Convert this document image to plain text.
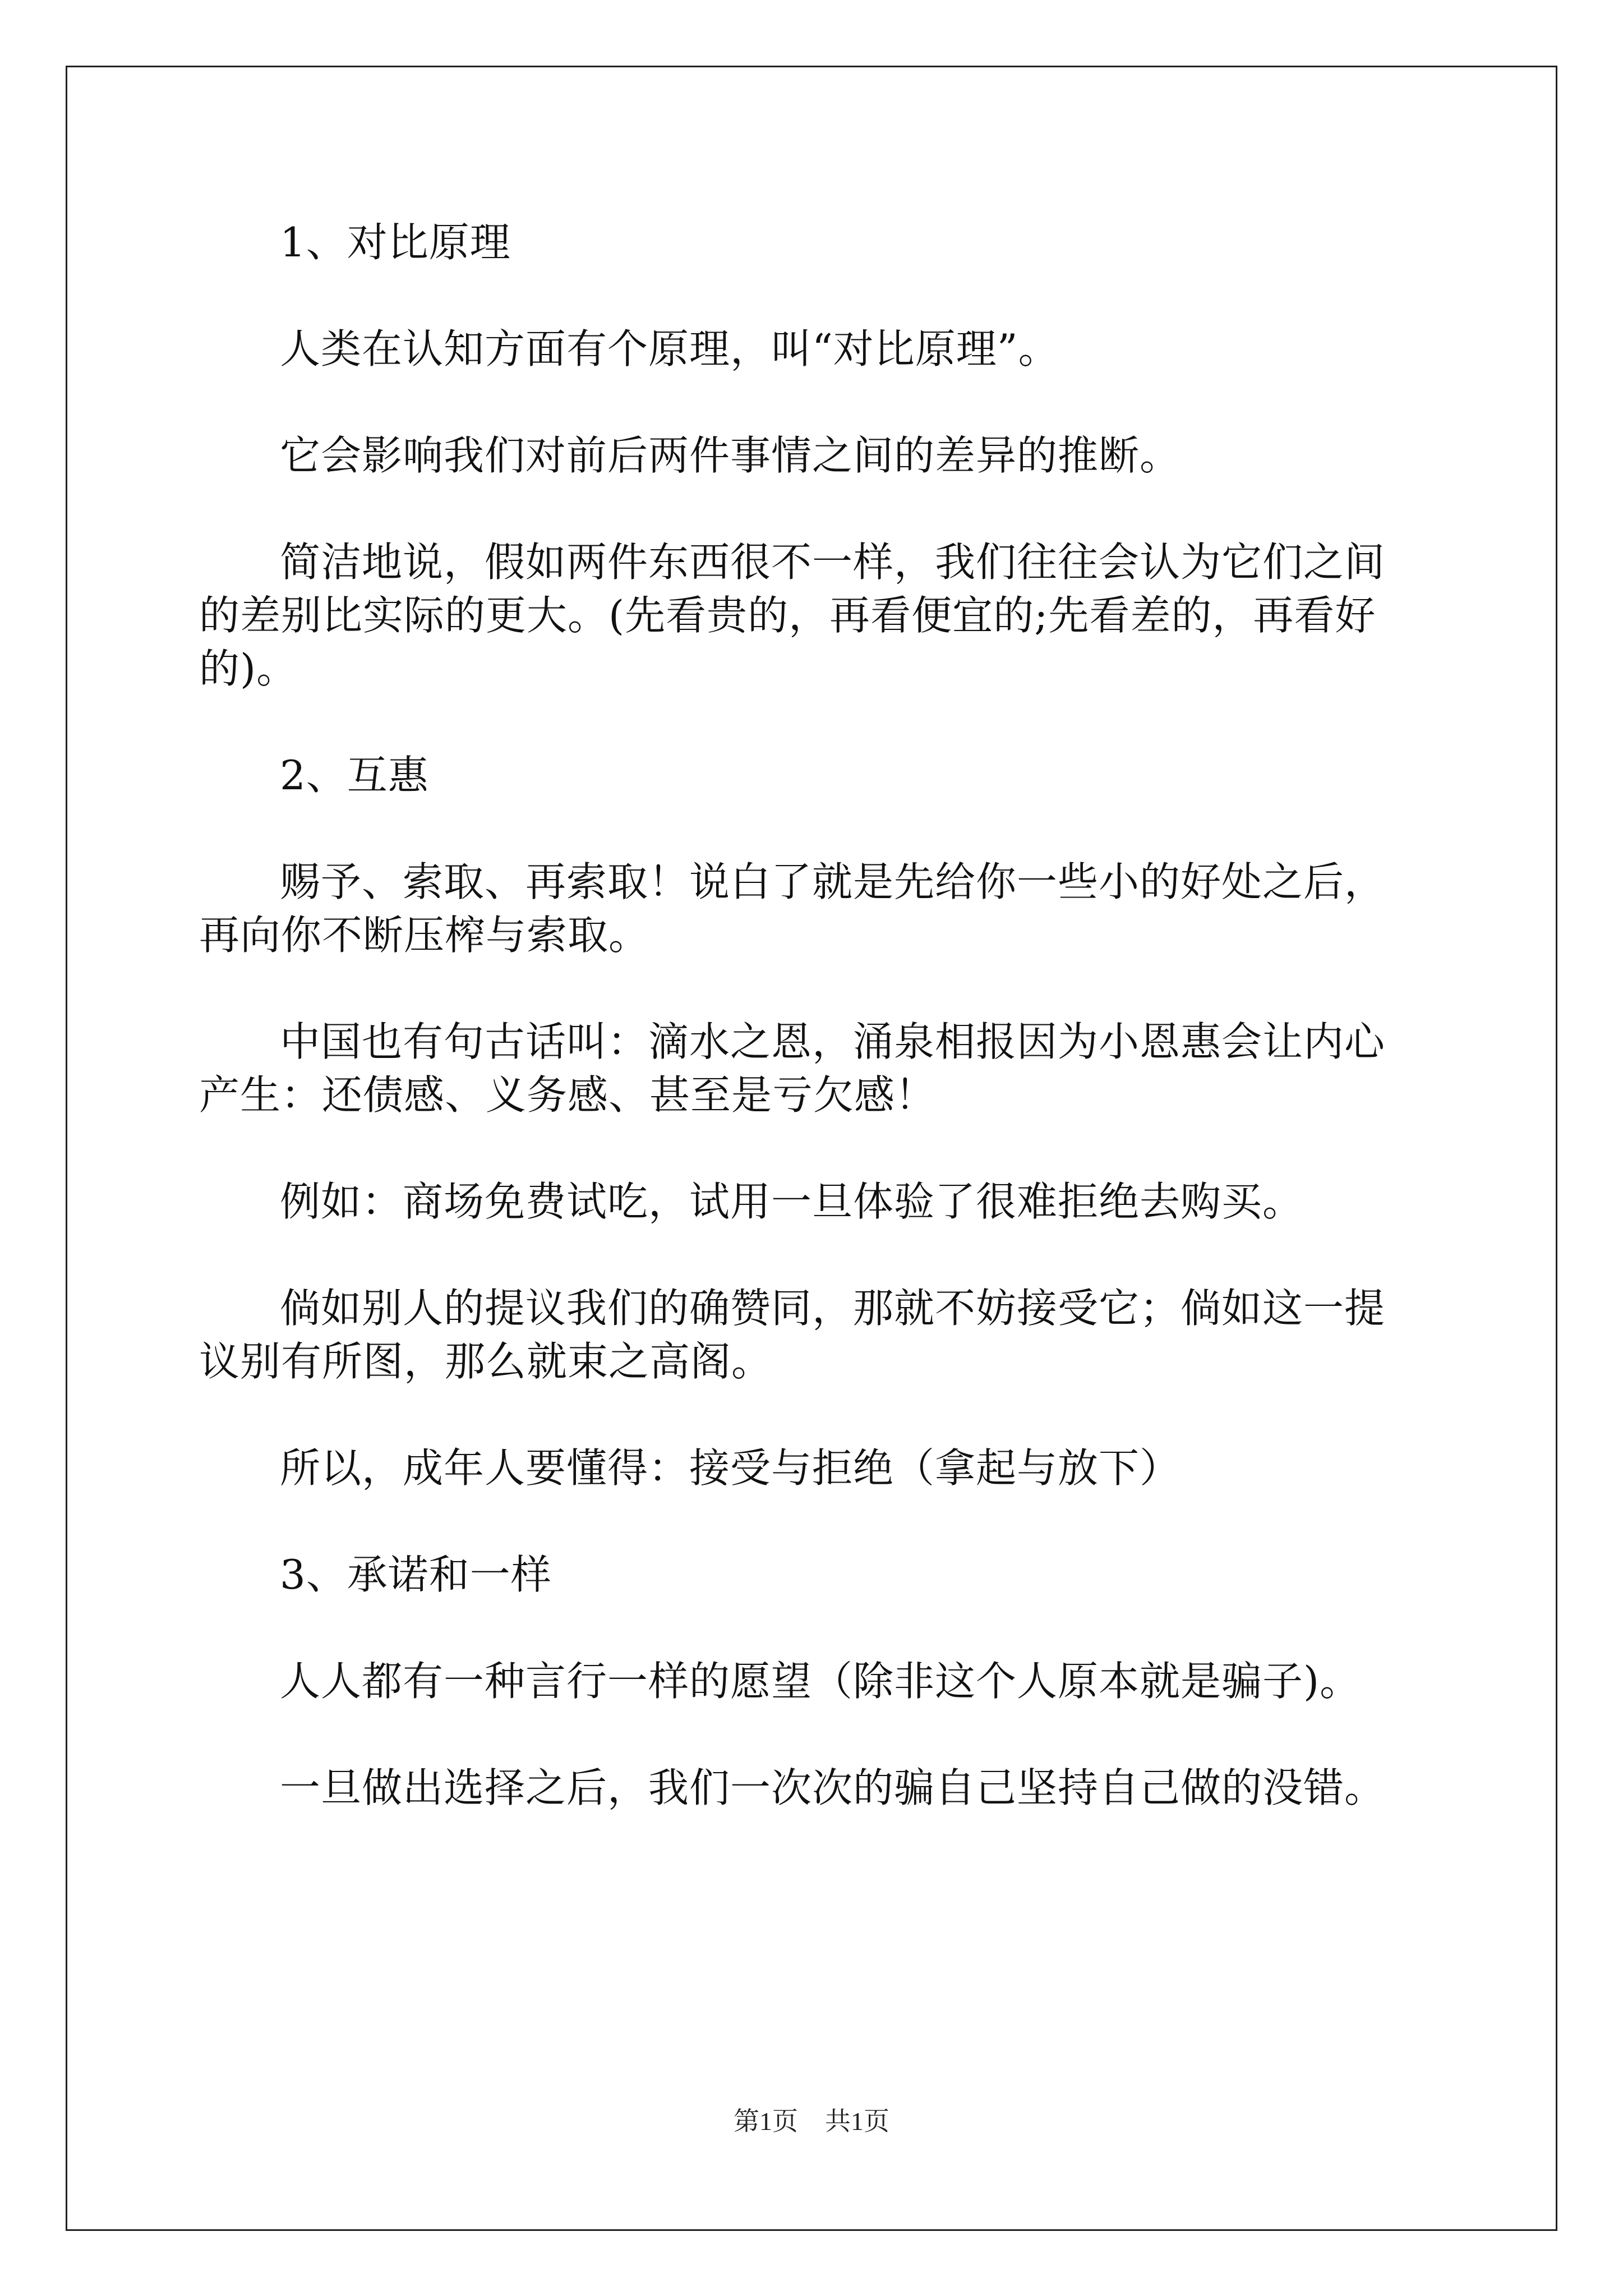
1、对比原理

人类在认知方面有个原理，叫“对比原理”。

它会影响我们对前后两件事情之间的差异的推断。

简洁地说，假如两件东西很不一样，我们往往会认为它们之间的差别比实际的更大。(先看贵的，再看便宜的;先看差的，再看好的)。

2、互惠

赐予、索取、再索取！说白了就是先给你一些小的好处之后，再向你不断压榨与索取。

中国也有句古话叫：滴水之恩，涌泉相报因为小恩惠会让内心产生：还债感、义务感、甚至是亏欠感！

例如：商场免费试吃，试用一旦体验了很难拒绝去购买。

倘如别人的提议我们的确赞同，那就不妨接受它；倘如这一提议别有所图，那么就束之高阁。

所以，成年人要懂得：接受与拒绝（拿起与放下）

3、承诺和一样

人人都有一种言行一样的愿望（除非这个人原本就是骗子)。

一旦做出选择之后，我们一次次的骗自己坚持自己做的没错。

第1页 共1页
